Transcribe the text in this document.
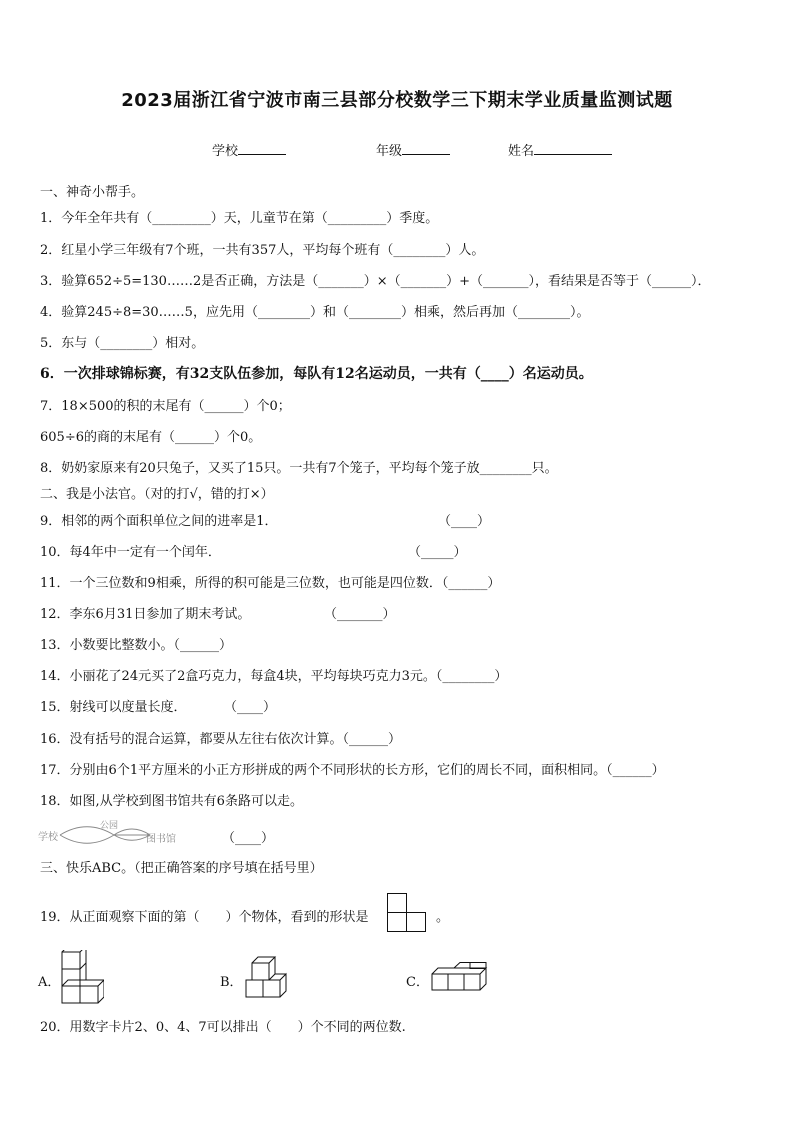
2023届浙江省宁波市南三县部分校数学三下期末学业质量监测试题
学校	年级	姓名
一、神奇小帮手。
1．今年全年共有（_________）天，儿童节在第（_________）季度。
2．红星小学三年级有7个班，一共有357人，平均每个班有（________）人。
3．验算652÷5=130……2是否正确，方法是（_______）×（_______）+（_______），看结果是否等于（______）．
4．验算245÷8=30……5，应先用（________）和（________）相乘，然后再加（________）。
5．东与（________）相对。
6．一次排球锦标赛，有32支队伍参加，每队有12名运动员，一共有（____）名运动员。
7．18×500的积的末尾有（______）个0；
605÷6的商的末尾有（______）个0。
8．奶奶家原来有20只兔子，又买了15只。一共有7个笼子，平均每个笼子放________只。
二、我是小法官。（对的打√，错的打×）
9．相邻的两个面积单位之间的进率是1．	（____）
10．每4年中一定有一个闰年．	（_____）
11．一个三位数和9相乘，所得的积可能是三位数，也可能是四位数．（______）
12．李东6月31日参加了期末考试。	（_______）
13．小数要比整数小。（______）
14．小丽花了24元买了2盒巧克力，每盒4块，平均每块巧克力3元。（________）
15．射线可以度量长度．	（____）
16．没有括号的混合运算，都要从左往右依次计算。（______）
17．分别由6个1平方厘米的小正方形拼成的两个不同形状的长方形，它们的周长不同，面积相同。（______）
18．如图,从学校到图书馆共有6条路可以走。
学校
公园
图书馆	（____）
三、快乐ABC。（把正确答案的序号填在括号里）
19．从正面观察下面的第（　　）个物体，看到的形状是	。
A．	B．	C．
20．用数字卡片2、0、4、7可以排出（　　）个不同的两位数.
